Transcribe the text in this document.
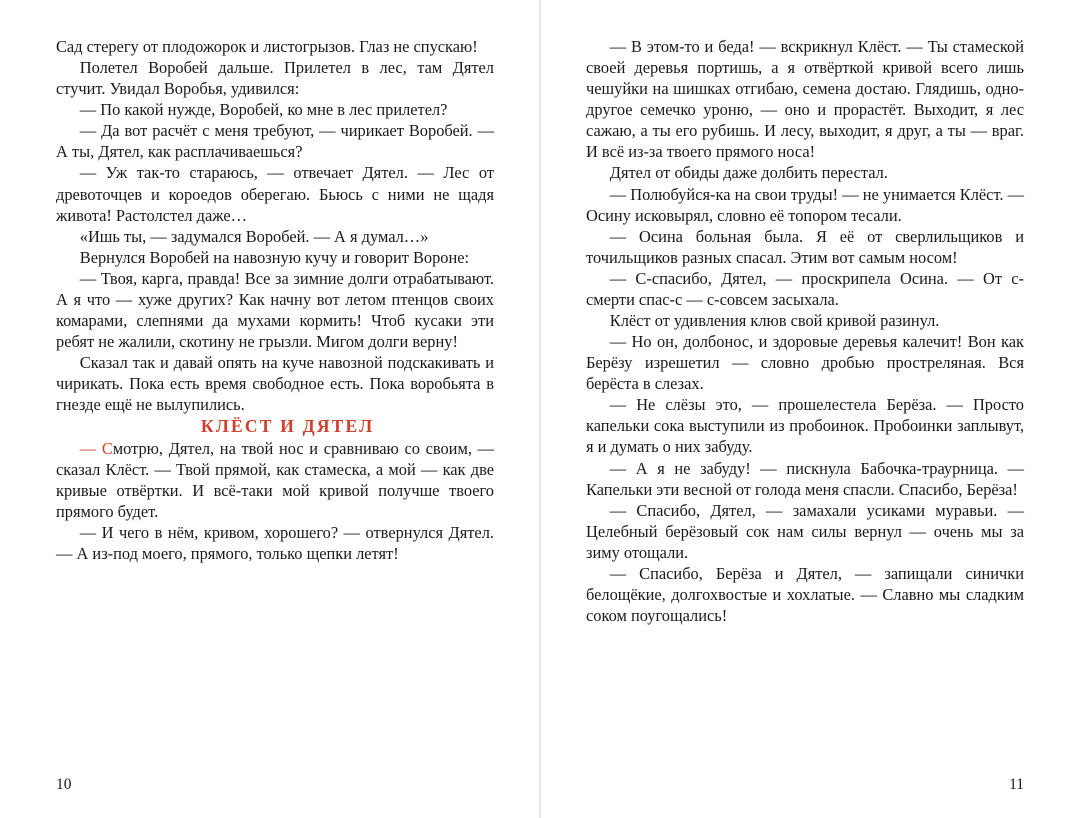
Сад стерегу от плодожорок и листогрызов. Глаз не спускаю!

Полетел Воробей дальше. Прилетел в лес, там Дятел стучит. Увидал Воробья, удивился:

— По какой нужде, Воробей, ко мне в лес прилетел?

— Да вот расчёт с меня требуют, — чирикает Воробей. — А ты, Дятел, как расплачиваешься?

— Уж так-то стараюсь, — отвечает Дятел. — Лес от древоточцев и короедов оберегаю. Бьюсь с ними не щадя живота! Растолстел даже…

«Ишь ты, — задумался Воробей. — А я думал…»

Вернулся Воробей на навозную кучу и говорит Вороне:

— Твоя, карга, правда! Все за зимние долги отрабатывают. А я что — хуже других? Как начну вот летом птенцов своих комарами, слепнями да мухами кормить! Чтоб кусаки эти ребят не жалили, скотину не грызли. Мигом долги верну!

Сказал так и давай опять на куче навозной подскакивать и чирикать. Пока есть время свободное есть. Пока воробьята в гнезде ещё не вылупились.

КЛЁСТ И ДЯТЕЛ

— Смотрю, Дятел, на твой нос и сравниваю со своим, — сказал Клёст. — Твой прямой, как стамеска, а мой — как две кривые отвёртки. И всё-таки мой кривой получше твоего прямого будет.

— И чего в нём, кривом, хорошего? — отвернулся Дятел. — А из-под моего, прямого, только щепки летят!

10

— В этом-то и беда! — вскрикнул Клёст. — Ты стамеской своей деревья портишь, а я отвёрткой кривой всего лишь чешуйки на шишках отгибаю, семена достаю. Глядишь, одно-другое семечко уроню, — оно и прорастёт. Выходит, я лес сажаю, а ты его рубишь. И лесу, выходит, я друг, а ты — враг. И всё из-за твоего прямого носа!

Дятел от обиды даже долбить перестал.

— Полюбуйся-ка на свои труды! — не унимается Клёст. — Осину исковырял, словно её топором тесали.

— Осина больная была. Я её от сверлильщиков и точильщиков разных спасал. Этим вот самым носом!

— С-спасибо, Дятел, — проскрипела Осина. — От с-смерти спас-с — с-совсем засыхала.

Клёст от удивления клюв свой кривой разинул.

— Но он, долбонос, и здоровые деревья калечит! Вон как Берёзу изрешетил — словно дробью простреляная. Вся берёста в слезах.

— Не слёзы это, — прошелестела Берёза. — Просто капельки сока выступили из пробоинок. Пробоинки заплывут, я и думать о них забуду.

— А я не забуду! — пискнула Бабочка-траурница. — Капельки эти весной от голода меня спасли. Спасибо, Берёза!

— Спасибо, Дятел, — замахали усиками муравьи. — Целебный берёзовый сок нам силы вернул — очень мы за зиму отощали.

— Спасибо, Берёза и Дятел, — запищали синички белощёкие, долгохвостые и хохлатые. — Славно мы сладким соком поугощались!

11
